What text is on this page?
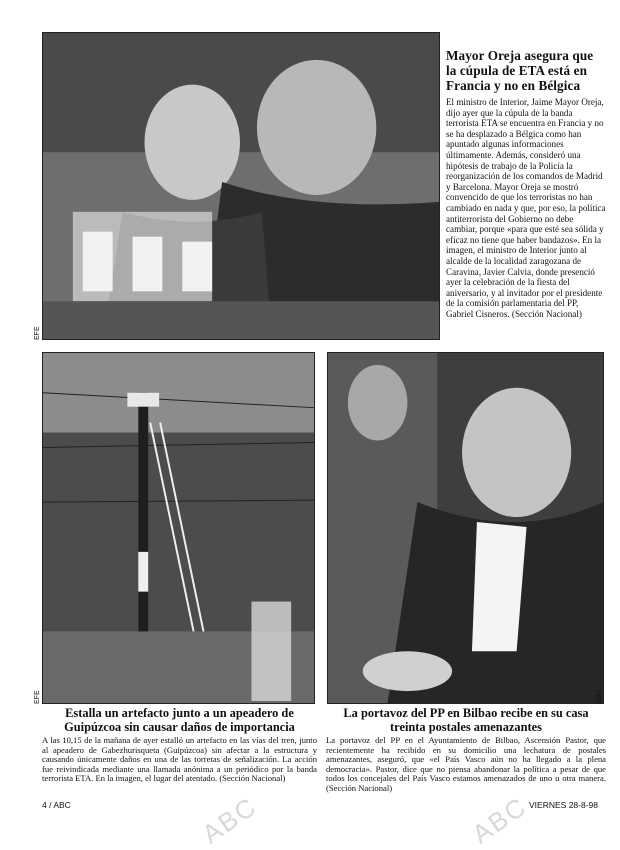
EFE
Mayor Oreja asegura que la cúpula de ETA está en Francia y no en Bélgica

El ministro de Interior, Jaime Mayor Oreja, dijo ayer que la cúpula de la banda terrorista ETA se encuentra en Francia y no se ha desplazado a Bélgica como han apuntado algunas informaciones últimamente. Además, consideró una hipótesis de trabajo de la Policía la reorganización de los comandos de Madrid y Barcelona. Mayor Oreja se mostró convencido de que los terroristas no han cambiado en nada y que, por eso, la política antiterrorista del Gobierno no debe cambiar, porque «para que esté sea sólida y eficaz no tiene que haber bandazos». En la imagen, el ministro de Interior junto al alcalde de la localidad zaragozana de Caravina, Javier Calvia, donde presenció ayer la celebración de la fiesta del aniversario, y al invitador por el presidente de la comisión parlamentaria del PP, Gabriel Cisneros. (Sección Nacional)

EFE	Julio
Estalla un artefacto junto a un apeadero de Guipúzcoa sin causar daños de importancia

A las 10,15 de la mañana de ayer estalló un artefacto en las vías del tren, junto al apeadero de Gabezhurisqueta (Guipúzcoa) sin afectar a la estructura y causando únicamente daños en una de las torretas de señalización. La acción fue reivindicada mediante una llamada anónima a un periódico por la banda terrorista ETA. En la imagen, el lugar del atentado. (Sección Nacional)

La portavoz del PP en Bilbao recibe en su casa treinta postales amenazantes

La portavoz del PP en el Ayuntamiento de Bilbao, Ascensión Pastor, que recientemente ha recibido en su domicilio una lechatura de postales amenazantes, aseguró, que «el País Vasco aún no ha llegado a la plena democracia». Pastor, dice que no piensa abandonar la política a pesar de que todos los concejales del País Vasco estamos amenazados de uno u otra manera. (Sección Nacional)

4 / ABC	VIERNES 28-8-98
ABC	ABC
